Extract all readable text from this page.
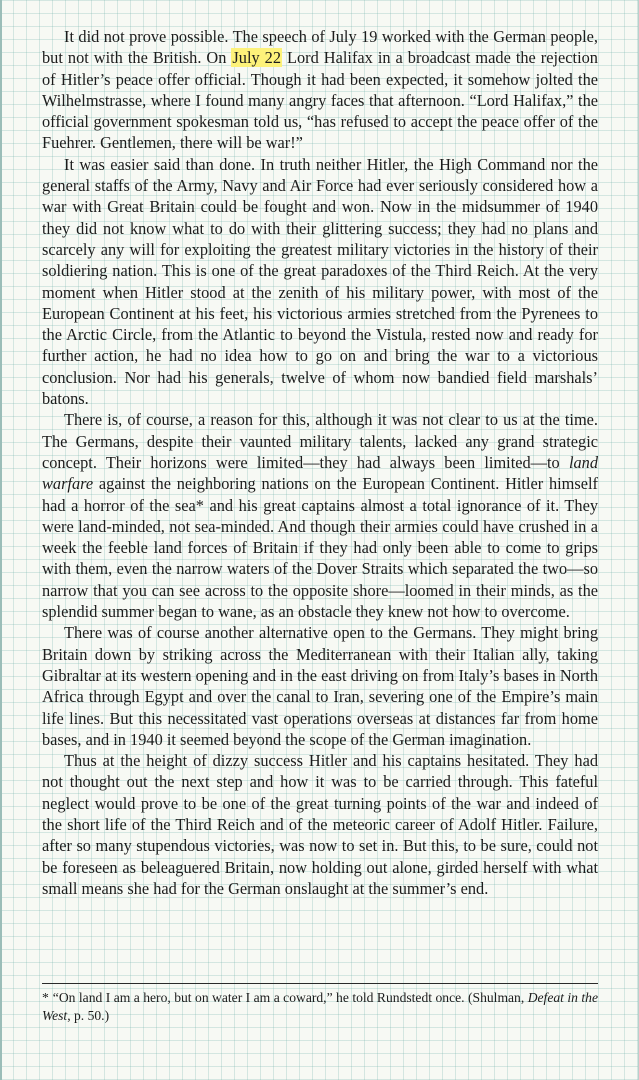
It did not prove possible. The speech of July 19 worked with the German people, but not with the British. On July 22 Lord Halifax in a broadcast made the rejection of Hitler’s peace offer official. Though it had been expected, it somehow jolted the Wilhelmstrasse, where I found many angry faces that afternoon. “Lord Halifax,” the official government spokesman told us, “has refused to accept the peace offer of the Fuehrer. Gentlemen, there will be war!”

It was easier said than done. In truth neither Hitler, the High Command nor the general staffs of the Army, Navy and Air Force had ever seriously considered how a war with Great Britain could be fought and won. Now in the midsummer of 1940 they did not know what to do with their glittering success; they had no plans and scarcely any will for exploiting the greatest military victories in the history of their soldiering nation. This is one of the great paradoxes of the Third Reich. At the very moment when Hitler stood at the zenith of his military power, with most of the European Continent at his feet, his victorious armies stretched from the Pyrenees to the Arctic Circle, from the Atlantic to beyond the Vistula, rested now and ready for further action, he had no idea how to go on and bring the war to a victorious conclusion. Nor had his generals, twelve of whom now bandied field marshals’ batons.

There is, of course, a reason for this, although it was not clear to us at the time. The Germans, despite their vaunted military talents, lacked any grand strategic concept. Their horizons were limited—they had always been limited—to land warfare against the neighboring nations on the European Continent. Hitler himself had a horror of the sea* and his great captains almost a total ignorance of it. They were land-minded, not sea-minded. And though their armies could have crushed in a week the feeble land forces of Britain if they had only been able to come to grips with them, even the narrow waters of the Dover Straits which separated the two—so narrow that you can see across to the opposite shore—loomed in their minds, as the splendid summer began to wane, as an obstacle they knew not how to overcome.

There was of course another alternative open to the Germans. They might bring Britain down by striking across the Mediterranean with their Italian ally, taking Gibraltar at its western opening and in the east driving on from Italy’s bases in North Africa through Egypt and over the canal to Iran, severing one of the Empire’s main life lines. But this necessitated vast operations overseas at distances far from home bases, and in 1940 it seemed beyond the scope of the German imagination.

Thus at the height of dizzy success Hitler and his captains hesitated. They had not thought out the next step and how it was to be carried through. This fateful neglect would prove to be one of the great turning points of the war and indeed of the short life of the Third Reich and of the meteoric career of Adolf Hitler. Failure, after so many stupendous victories, was now to set in. But this, to be sure, could not be foreseen as beleaguered Britain, now holding out alone, girded herself with what small means she had for the German onslaught at the summer’s end.

* “On land I am a hero, but on water I am a coward,” he told Rundstedt once. (Shulman, Defeat in the West, p. 50.)
